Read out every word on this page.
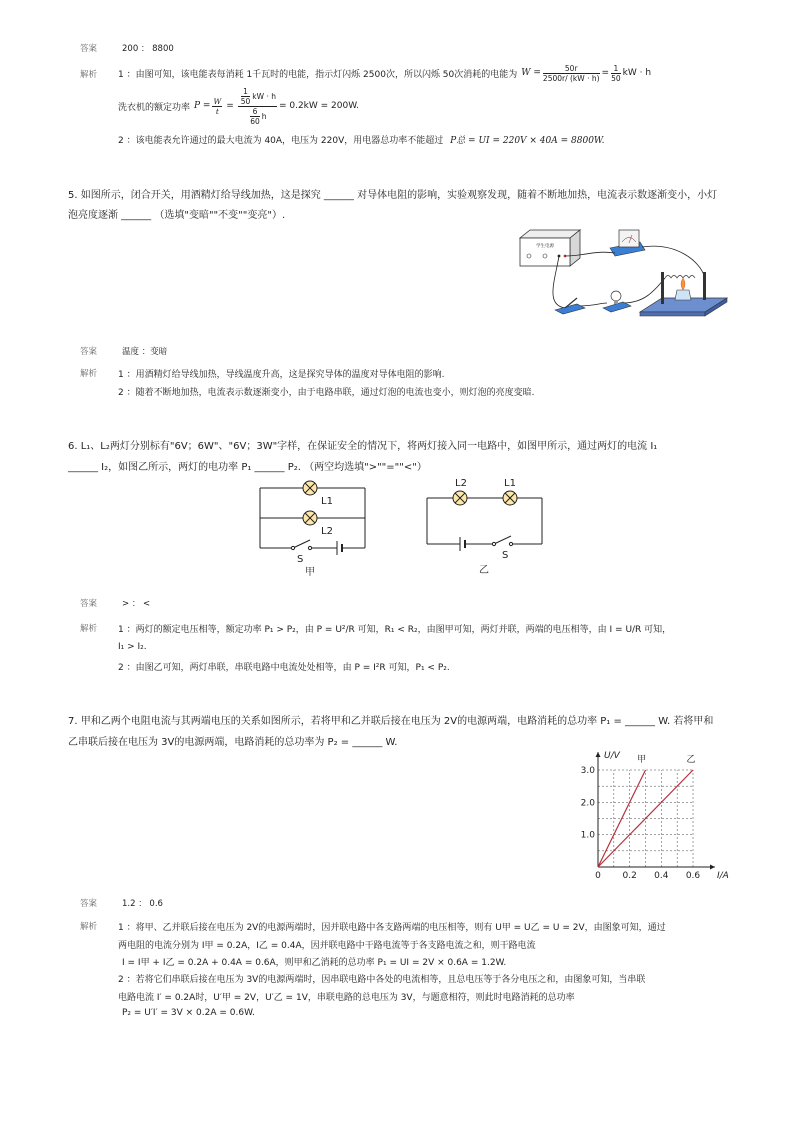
答案	200 ： 8800
解析 1 ：由图可知，该电能表每消耗 1千瓦时的电能，指示灯闪烁 2500次，所以闪烁 50次消耗的电能为 $W = \frac{50r}{2500r/ (kW \cdot h)} = \frac{1}{50}$ kW · h
洗衣机的额定功率 $P = \frac{W}{t} = \frac{\frac{1}{50} kW \cdot h}{\frac{6}{60} h} = 0.2kW = 200W$.
2 ：该电能表允许通过的最大电流为 40A，电压为 220V，用电器总功率不能超过 P总 = UI = 220V × 40A = 8800W.
5. 如图所示，闭合开关，用酒精灯给导线加热，这是探究 ______ 对导体电阻的影响，实验观察发现，随着不断地加热，电流表示数逐渐变小，小灯
泡亮度逐渐 ______ （选填"变暗""不变""变亮"）.
学生电源
答案	温度 ：变暗
解析 1 ：用酒精灯给导线加热，导线温度升高，这是探究导体的温度对导体电阻的影响.
2 ：随着不断地加热，电流表示数逐渐变小，由于电路串联，通过灯泡的电流也变小，则灯泡的亮度变暗.
6. L₁、L₂两灯分别标有"6V；6W"、"6V；3W"字样，在保证安全的情况下，将两灯接入同一电路中，如图甲所示，通过两灯的电流 I₁
______ I₂，如图乙所示，两灯的电功率 P₁ ______ P₂. （两空均选填">""=""<"）
L1
L2
S
甲
L2	L1
S
乙
答案	> ： <
解析 1 ：两灯的额定电压相等，额定功率 P₁ > P₂，由 P = U²/R 可知，R₁ < R₂，由图甲可知，两灯并联，两端的电压相等，由 I = U/R 可知，
I₁ > I₂.
2 ：由图乙可知，两灯串联，串联电路中电流处处相等，由 P = I²R 可知，P₁ < P₂.
7. 甲和乙两个电阻电流与其两端电压的关系如图所示，若将甲和乙并联后接在电压为 2V的电源两端，电路消耗的总功率 P₁ = ______ W. 若将甲和
乙串联后接在电压为 3V的电源两端，电路消耗的总功率为 P₂ = ______ W.
0 0.2 0.4 0.6
1.0
2.0
3.0
I/A
U/V 甲	乙
答案	1.2 ： 0.6
解析 1 ：将甲、乙并联后接在电压为 2V的电源两端时，因并联电路中各支路两端的电压相等，则有 U甲 = U乙 = U = 2V，由图象可知，通过
两电阻的电流分别为 I甲 = 0.2A，I乙 = 0.4A，因并联电路中干路电流等于各支路电流之和，则干路电流
I = I甲 + I乙 = 0.2A + 0.4A = 0.6A，则甲和乙消耗的总功率 P₁ = UI = 2V × 0.6A = 1.2W.
2 ：若将它们串联后接在电压为 3V的电源两端时，因串联电路中各处的电流相等，且总电压等于各分电压之和，由图象可知，当串联
电路电流 I′ = 0.2A时，U′甲 = 2V，U′乙 = 1V，串联电路的总电压为 3V，与题意相符，则此时电路消耗的总功率
P₂ = U′I′ = 3V × 0.2A = 0.6W.
